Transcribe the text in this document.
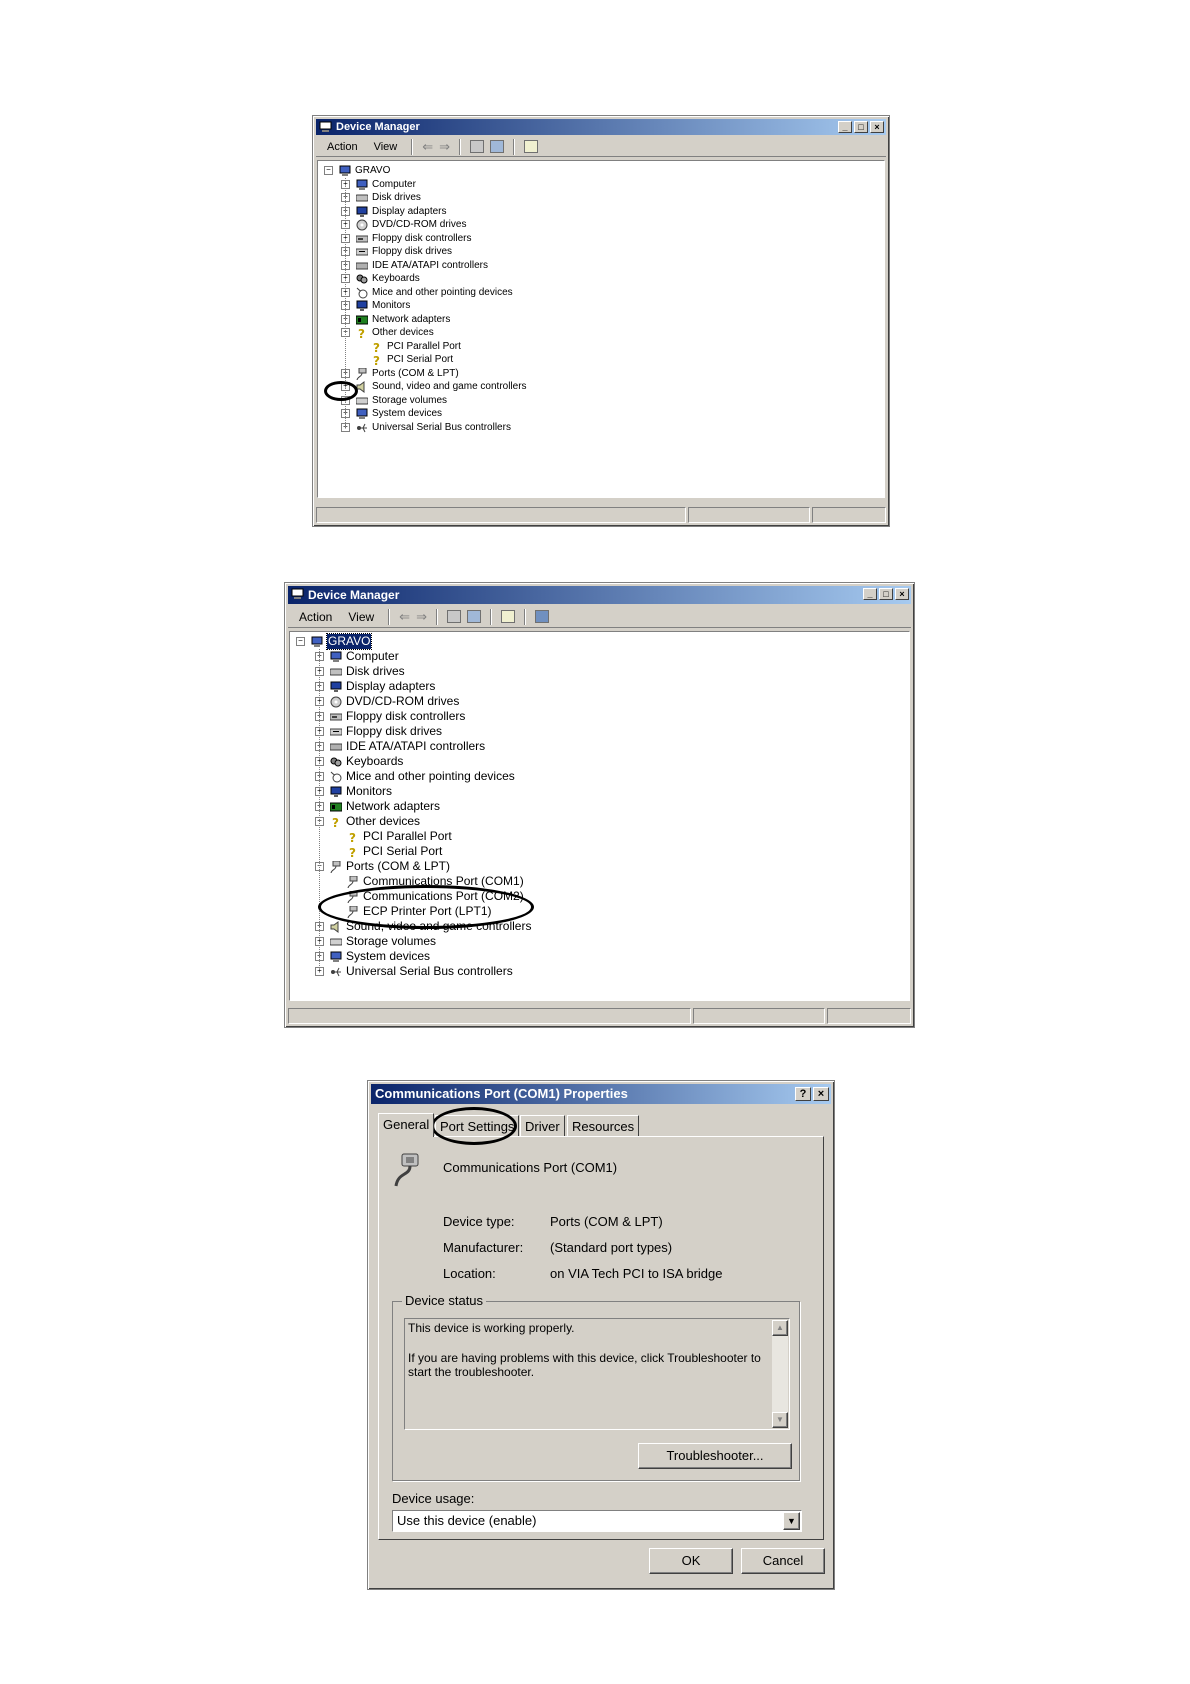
Device Manager	_	□	×
Action	View	⇐ ⇒
− GRAVO
+ Computer
+ Disk drives
+ Display adapters
+ DVD/CD-ROM drives
+ Floppy disk controllers
+ Floppy disk drives
+ IDE ATA/ATAPI controllers
+ Keyboards
+ Mice and other pointing devices
+ Monitors
+ Network adapters
− ? Other devices
? PCI Parallel Port
? PCI Serial Port
+ Ports (COM & LPT)
+ Sound, video and game controllers
+ Storage volumes
+ System devices
+ Universal Serial Bus controllers
Device Manager	_	□	×
Action	View	⇐ ⇒
− GRAVO
+ Computer
+ Disk drives
+ Display adapters
+ DVD/CD-ROM drives
+ Floppy disk controllers
+ Floppy disk drives
+ IDE ATA/ATAPI controllers
+ Keyboards
+ Mice and other pointing devices
+ Monitors
+ Network adapters
− ? Other devices
? PCI Parallel Port
? PCI Serial Port
− Ports (COM & LPT)
Communications Port (COM1)
Communications Port (COM2)
ECP Printer Port (LPT1)
+ Sound, video and game controllers
+ Storage volumes
+ System devices
+ Universal Serial Bus controllers
Communications Port (COM1) Properties	?	×
General Port Settings Driver Resources
Communications Port (COM1)
Device type:	Ports (COM & LPT)
Manufacturer: (Standard port types)
Location:	on VIA Tech PCI to ISA bridge
Device status
This device is working properly.
If you are having problems with this device, click Troubleshooter to
start the troubleshooter.
▲
▼
Troubleshooter...
Device usage:
Use this device (enable)	▼
OK	Cancel
